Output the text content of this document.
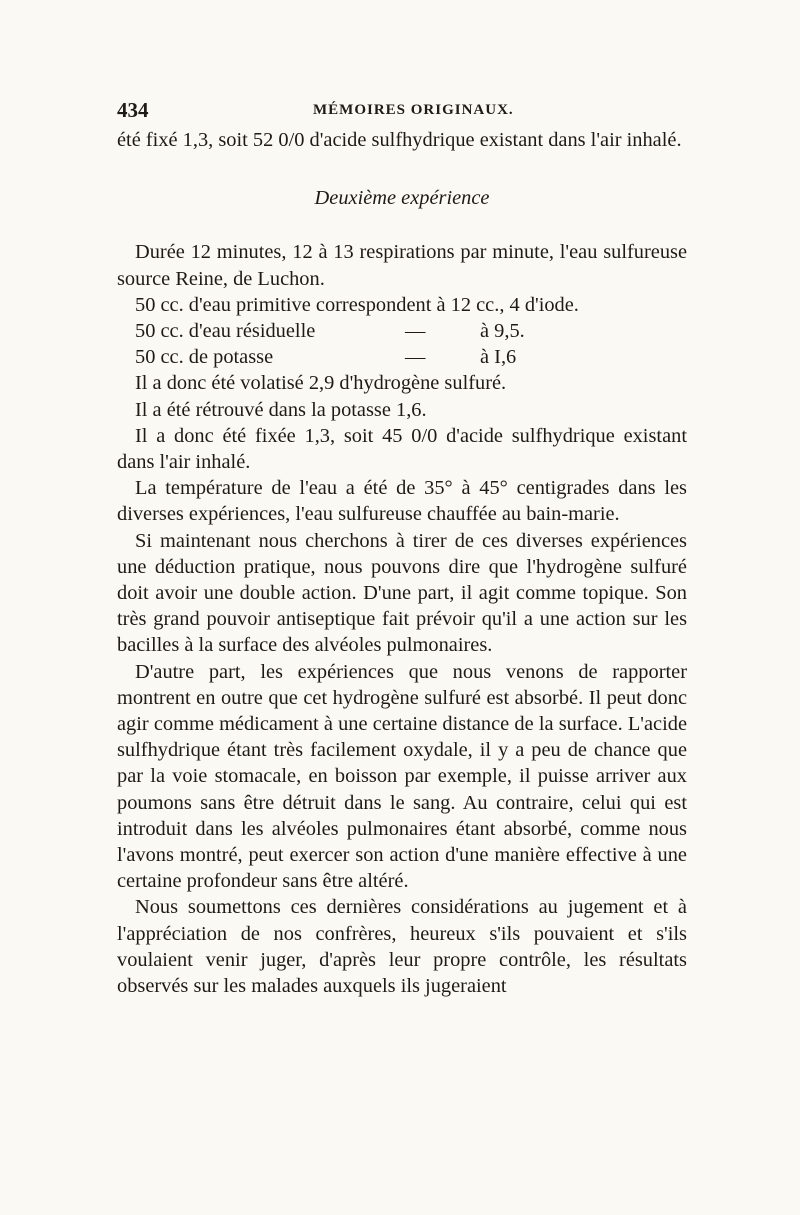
434	MÉMOIRES ORIGINAUX.

été fixé 1,3, soit 52 0/0 d'acide sulfhydrique existant dans l'air inhalé.

Deuxième expérience

Durée 12 minutes, 12 à 13 respirations par minute, l'eau sulfureuse source Reine, de Luchon.

50 cc. d'eau primitive correspondent à 12 cc., 4 d'iode.

50 cc. d'eau résiduelle	—	à 9,5.
50 cc. de potasse	—	à I,6

Il a donc été volatisé 2,9 d'hydrogène sulfuré.

Il a été rétrouvé dans la potasse 1,6.

Il a donc été fixée 1,3, soit 45 0/0 d'acide sulfhydrique existant dans l'air inhalé.

La température de l'eau a été de 35° à 45° centigrades dans les diverses expériences, l'eau sulfureuse chauffée au bain-marie.

Si maintenant nous cherchons à tirer de ces diverses expériences une déduction pratique, nous pouvons dire que l'hydrogène sulfuré doit avoir une double action. D'une part, il agit comme topique. Son très grand pouvoir antiseptique fait prévoir qu'il a une action sur les bacilles à la surface des alvéoles pulmonaires.

D'autre part, les expériences que nous venons de rapporter montrent en outre que cet hydrogène sulfuré est absorbé. Il peut donc agir comme médicament à une certaine distance de la surface. L'acide sulfhydrique étant très facilement oxydale, il y a peu de chance que par la voie stomacale, en boisson par exemple, il puisse arriver aux poumons sans être détruit dans le sang. Au contraire, celui qui est introduit dans les alvéoles pulmonaires étant absorbé, comme nous l'avons montré, peut exercer son action d'une manière effective à une certaine profondeur sans être altéré.

Nous soumettons ces dernières considérations au jugement et à l'appréciation de nos confrères, heureux s'ils pouvaient et s'ils voulaient venir juger, d'après leur propre contrôle, les résultats observés sur les malades auxquels ils jugeraient
